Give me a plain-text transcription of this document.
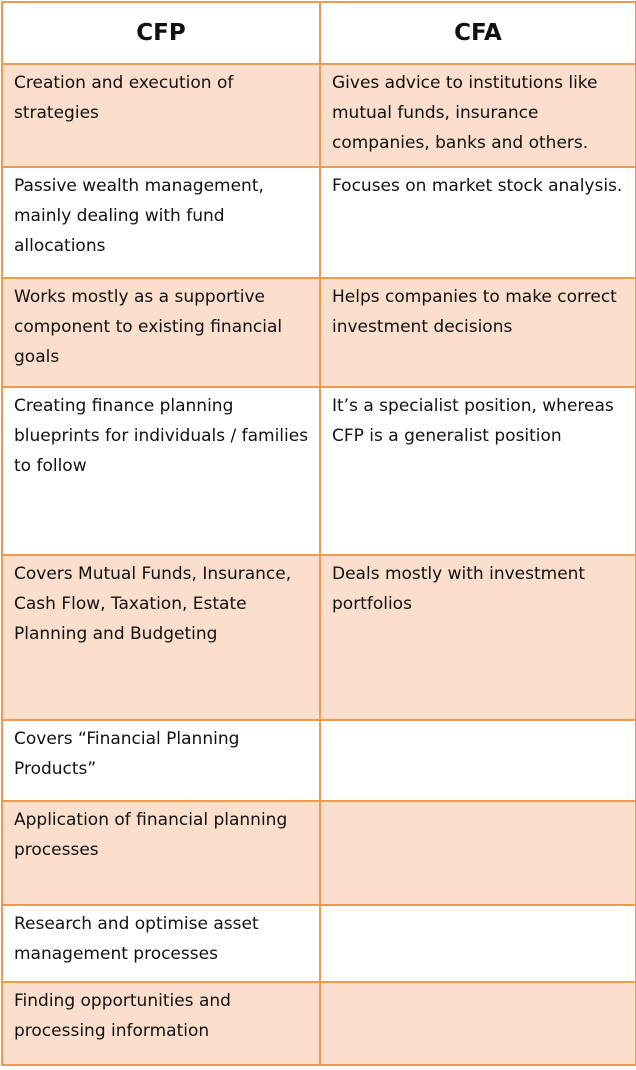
CFP	CFA
Creation and execution of strategies	Gives advice to institutions like mutual funds, insurance companies, banks and others.
Passive wealth management, mainly dealing with fund allocations	Focuses on market stock analysis.
Works mostly as a supportive component to existing financial goals	Helps companies to make correct investment decisions
Creating finance planning blueprints for individuals / families to follow	It’s a specialist position, whereas CFP is a generalist position
Covers Mutual Funds, Insurance, Cash Flow, Taxation, Estate Planning and Budgeting	Deals mostly with investment portfolios
Covers “Financial Planning Products”	
Application of financial planning processes	
Research and optimise asset management processes	
Finding opportunities and processing information	
